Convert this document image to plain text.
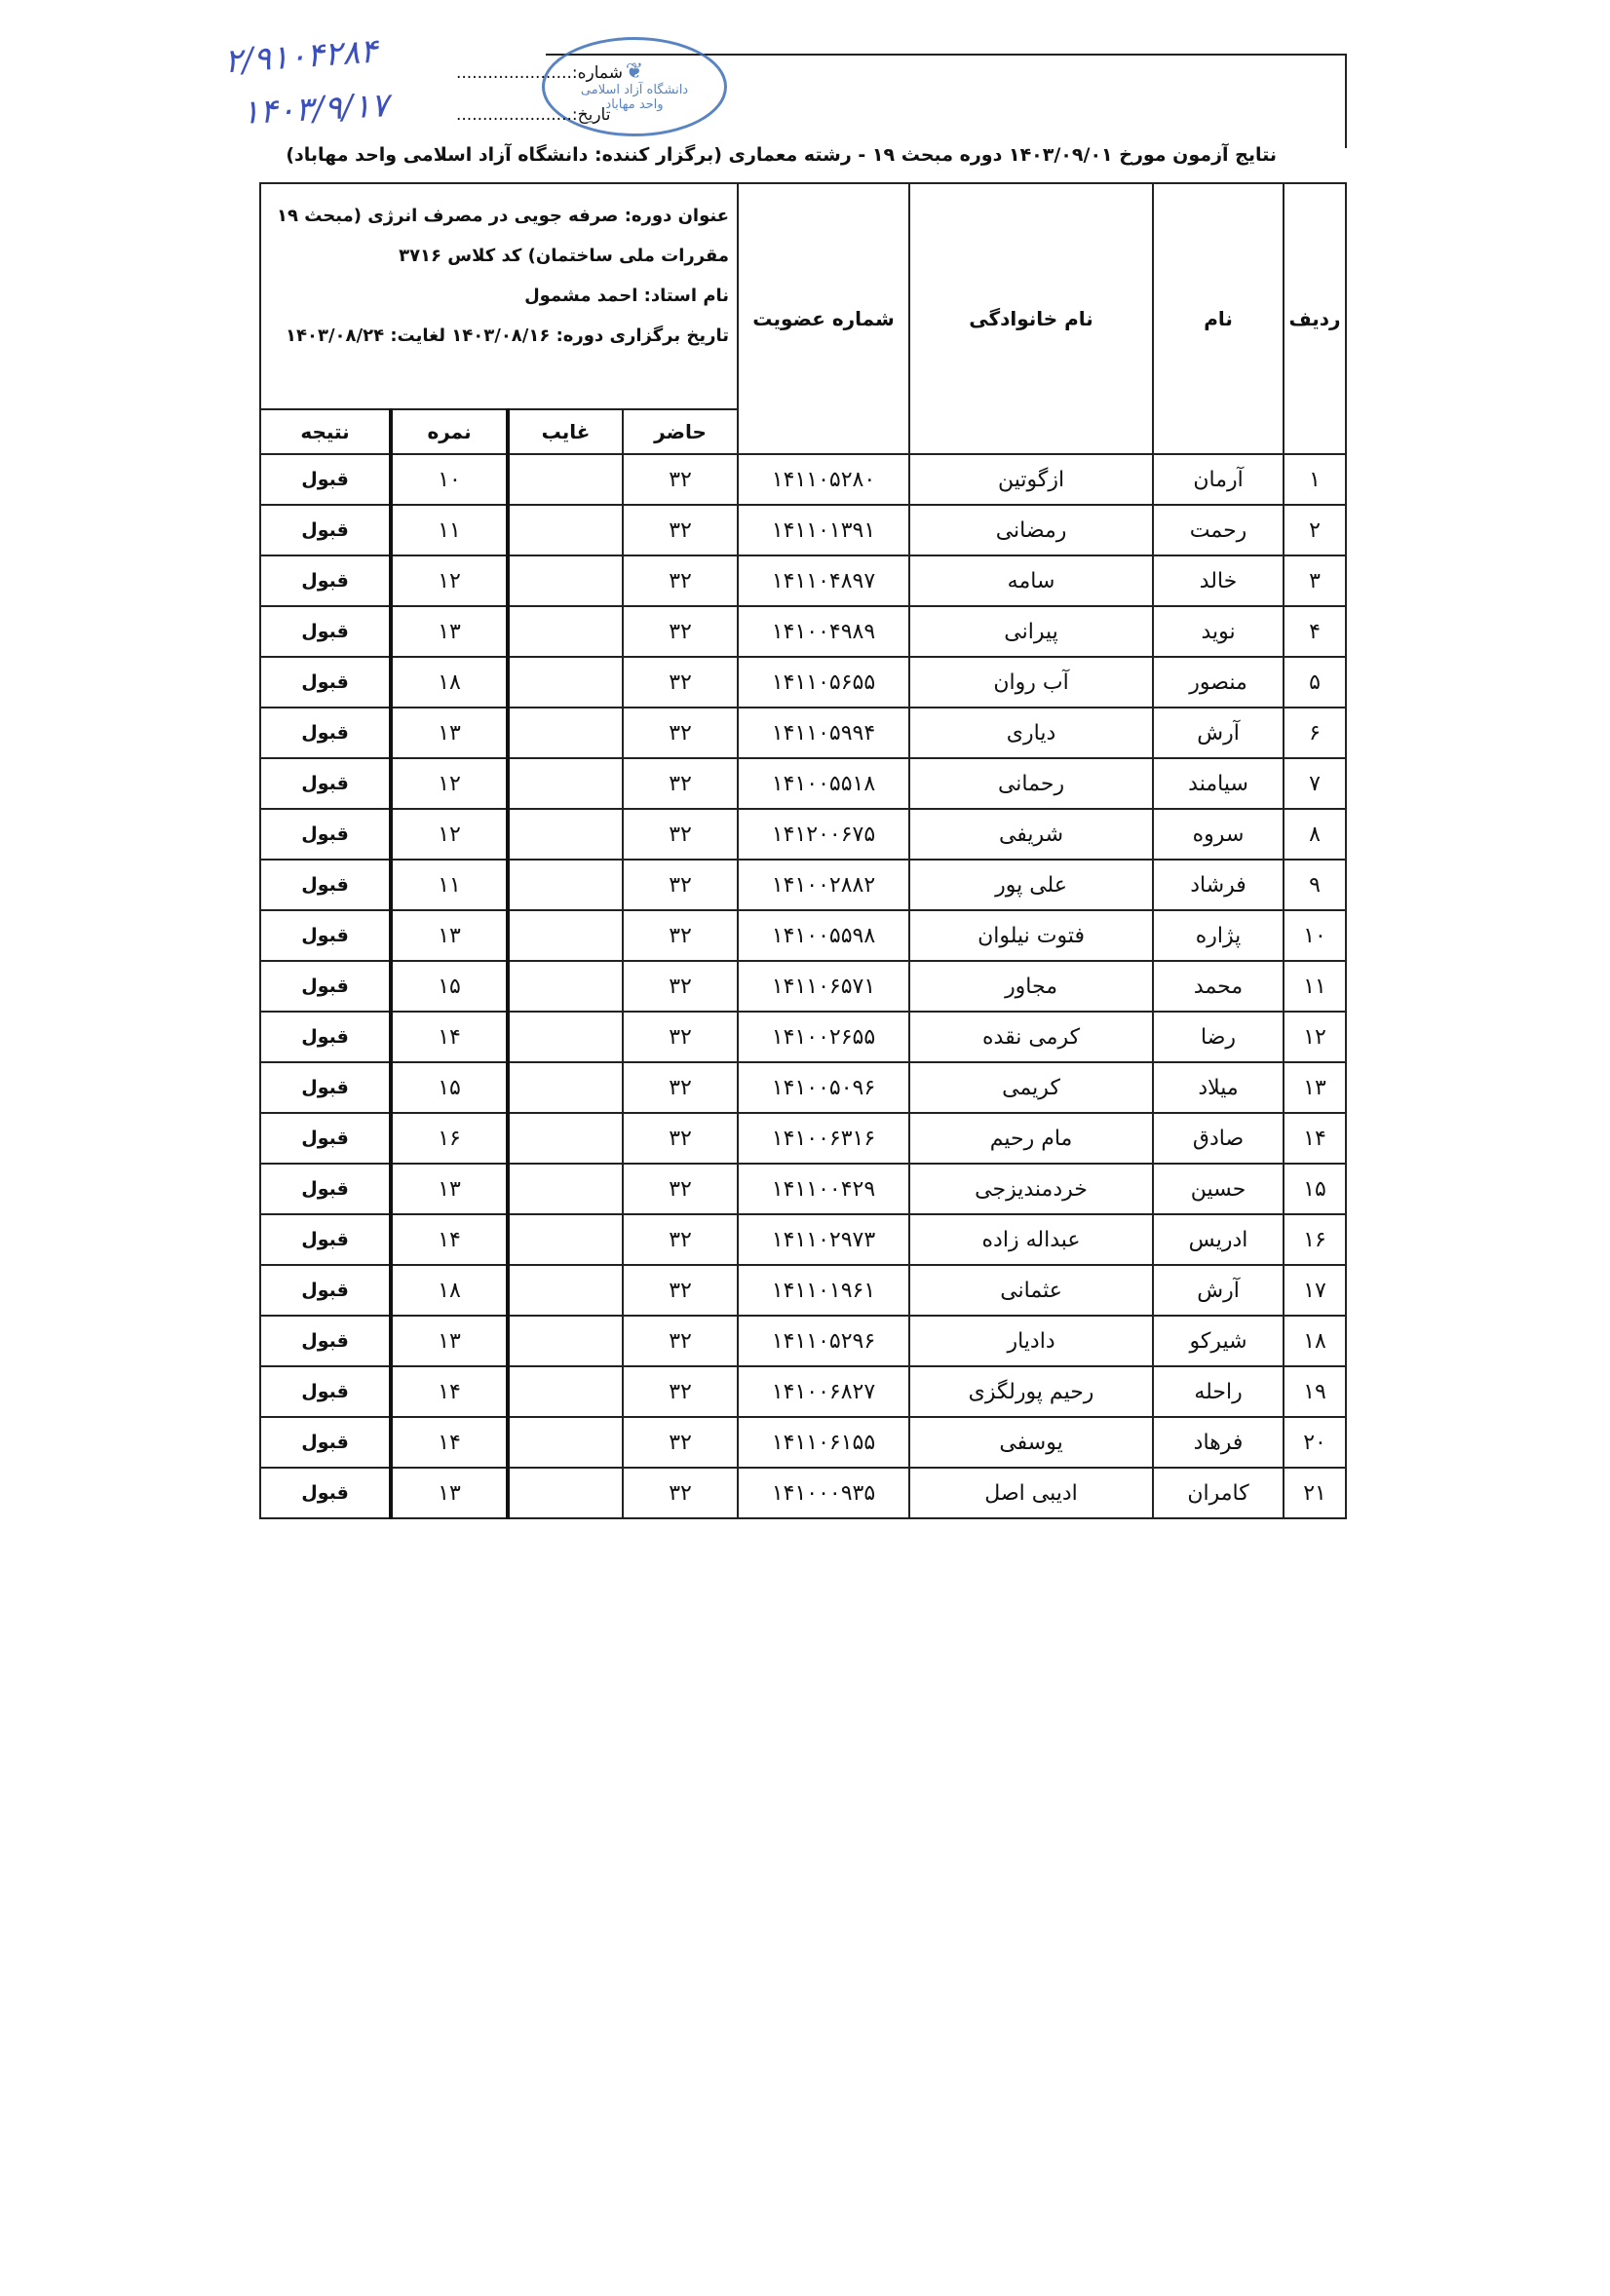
❦
دانشگاه آزاد اسلامی
واحد مهاباد
شماره:......................
تاریخ:......................
۲/۹۱۰۴۲۸۴
۱۴۰۳/۹/۱۷
نتایج آزمون مورخ ۱۴۰۳/۰۹/۰۱ دوره مبحث ۱۹ - رشته معماری (برگزار کننده: دانشگاه آزاد اسلامی واحد مهاباد)
ردیف	نام	نام خانوادگی	شماره عضویت	عنوان دوره: صرفه جویی در مصرف انرژی (مبحث ۱۹
مقررات ملی ساختمان) کد کلاس ۳۷۱۶
نام استاد: احمد مشمول
تاریخ برگزاری دوره: ۱۴۰۳/۰۸/۱۶ لغایت: ۱۴۰۳/۰۸/۲۴			

				حاضر	غایب	نمره	نتیجه
۱	آرمان	ازگوتین	۱۴۱۱۰۵۲۸۰	۳۲		۱۰	قبول
۲	رحمت	رمضانی	۱۴۱۱۰۱۳۹۱	۳۲		۱۱	قبول
۳	خالد	سامه	۱۴۱۱۰۴۸۹۷	۳۲		۱۲	قبول
۴	نوید	پیرانی	۱۴۱۰۰۴۹۸۹	۳۲		۱۳	قبول
۵	منصور	آب روان	۱۴۱۱۰۵۶۵۵	۳۲		۱۸	قبول
۶	آرش	دیاری	۱۴۱۱۰۵۹۹۴	۳۲		۱۳	قبول
۷	سیامند	رحمانی	۱۴۱۰۰۵۵۱۸	۳۲		۱۲	قبول
۸	سروه	شریفی	۱۴۱۲۰۰۶۷۵	۳۲		۱۲	قبول
۹	فرشاد	علی پور	۱۴۱۰۰۲۸۸۲	۳۲		۱۱	قبول
۱۰	پژاره	فتوت نیلوان	۱۴۱۰۰۵۵۹۸	۳۲		۱۳	قبول
۱۱	محمد	مجاور	۱۴۱۱۰۶۵۷۱	۳۲		۱۵	قبول
۱۲	رضا	کرمی نقده	۱۴۱۰۰۲۶۵۵	۳۲		۱۴	قبول
۱۳	میلاد	کریمی	۱۴۱۰۰۵۰۹۶	۳۲		۱۵	قبول
۱۴	صادق	مام رحیم	۱۴۱۰۰۶۳۱۶	۳۲		۱۶	قبول
۱۵	حسین	خردمندیزجی	۱۴۱۱۰۰۴۲۹	۳۲		۱۳	قبول
۱۶	ادریس	عبداله زاده	۱۴۱۱۰۲۹۷۳	۳۲		۱۴	قبول
۱۷	آرش	عثمانی	۱۴۱۱۰۱۹۶۱	۳۲		۱۸	قبول
۱۸	شیرکو	دادیار	۱۴۱۱۰۵۲۹۶	۳۲		۱۳	قبول
۱۹	راحله	رحیم پورلگزی	۱۴۱۰۰۶۸۲۷	۳۲		۱۴	قبول
۲۰	فرهاد	یوسفی	۱۴۱۱۰۶۱۵۵	۳۲		۱۴	قبول
۲۱	کامران	ادیبی اصل	۱۴۱۰۰۰۹۳۵	۳۲		۱۳	قبول
